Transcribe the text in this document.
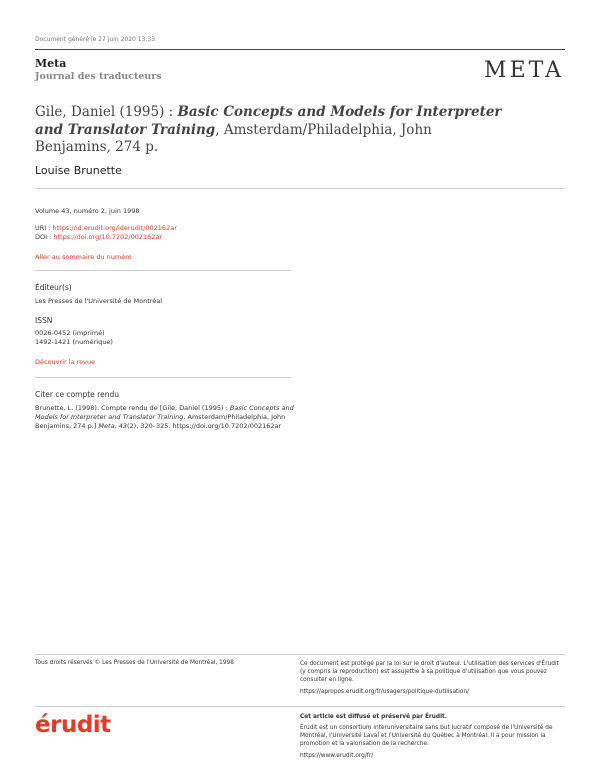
Document généré le 27 juin 2020 13:33
Meta
Journal des traducteurs	META
Gile, Daniel (1995) : Basic Concepts and Models for Interpreter and Translator Training, Amsterdam/Philadelphia, John Benjamins, 274 p.
Louise Brunette
Volume 43, numéro 2, juin 1998
URI : https://id.erudit.org/iderudit/002162ar
DOI : https://doi.org/10.7202/002162ar
Aller au sommaire du numéro
Éditeur(s)
Les Presses de l'Université de Montréal
ISSN
0026-0452 (imprimé)
1492-1421 (numérique)
Découvrir la revue
Citer ce compte rendu
Brunette, L. (1998). Compte rendu de [Gile, Daniel (1995) : Basic Concepts and Models for Interpreter and Translator Training, Amsterdam/Philadelphia, John Benjamins, 274 p.] Meta, 43(2), 320–325. https://doi.org/10.7202/002162ar
Tous droits réservés © Les Presses de l'Université de Montréal, 1998	Ce document est protégé par la loi sur le droit d'auteur. L'utilisation des services d'Érudit (y compris la reproduction) est assujettie à sa politique d'utilisation que vous pouvez consulter en ligne.
https://apropos.erudit.org/fr/usagers/politique-dutilisation/
érudit	Cet article est diffusé et préservé par Érudit.
Érudit est un consortium interuniversitaire sans but lucratif composé de l'Université de Montréal, l'Université Laval et l'Université du Québec à Montréal. Il a pour mission la promotion et la valorisation de la recherche.
https://www.erudit.org/fr/
